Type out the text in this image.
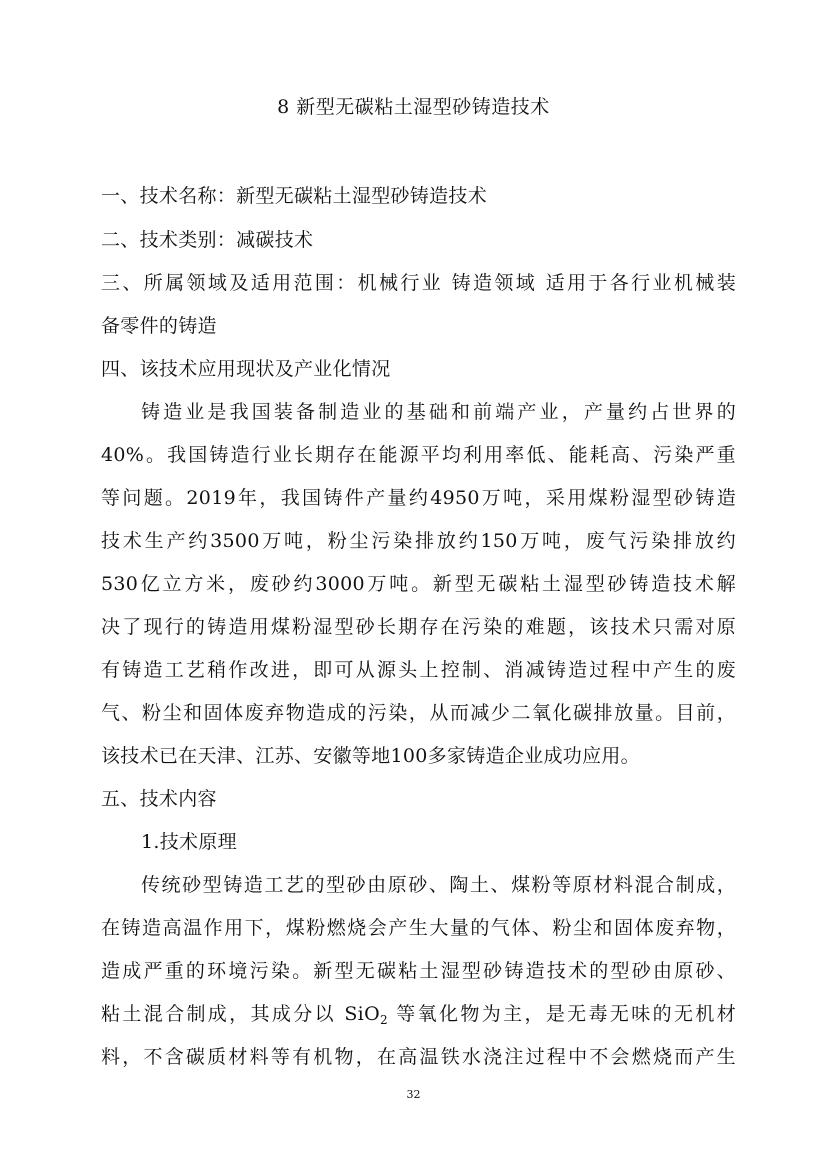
8 新型无碳粘土湿型砂铸造技术
一、技术名称：新型无碳粘土湿型砂铸造技术
二、技术类别：减碳技术
三、所属领域及适用范围：机械行业 铸造领域 适用于各行业机械装
备零件的铸造
四、该技术应用现状及产业化情况
铸造业是我国装备制造业的基础和前端产业，产量约占世界的
40%。我国铸造行业长期存在能源平均利用率低、能耗高、污染严重
等问题。2019年，我国铸件产量约4950万吨，采用煤粉湿型砂铸造
技术生产约3500万吨，粉尘污染排放约150万吨，废气污染排放约
530亿立方米，废砂约3000万吨。新型无碳粘土湿型砂铸造技术解
决了现行的铸造用煤粉湿型砂长期存在污染的难题，该技术只需对原
有铸造工艺稍作改进，即可从源头上控制、消减铸造过程中产生的废
气、粉尘和固体废弃物造成的污染，从而减少二氧化碳排放量。目前，
该技术已在天津、江苏、安徽等地100多家铸造企业成功应用。
五、技术内容
1.技术原理
传统砂型铸造工艺的型砂由原砂、陶土、煤粉等原材料混合制成，
在铸造高温作用下，煤粉燃烧会产生大量的气体、粉尘和固体废弃物，
造成严重的环境污染。新型无碳粘土湿型砂铸造技术的型砂由原砂、
粘土混合制成，其成分以 SiO$_2$ 等氧化物为主，是无毒无味的无机材
料，不含碳质材料等有机物，在高温铁水浇注过程中不会燃烧而产生
32
